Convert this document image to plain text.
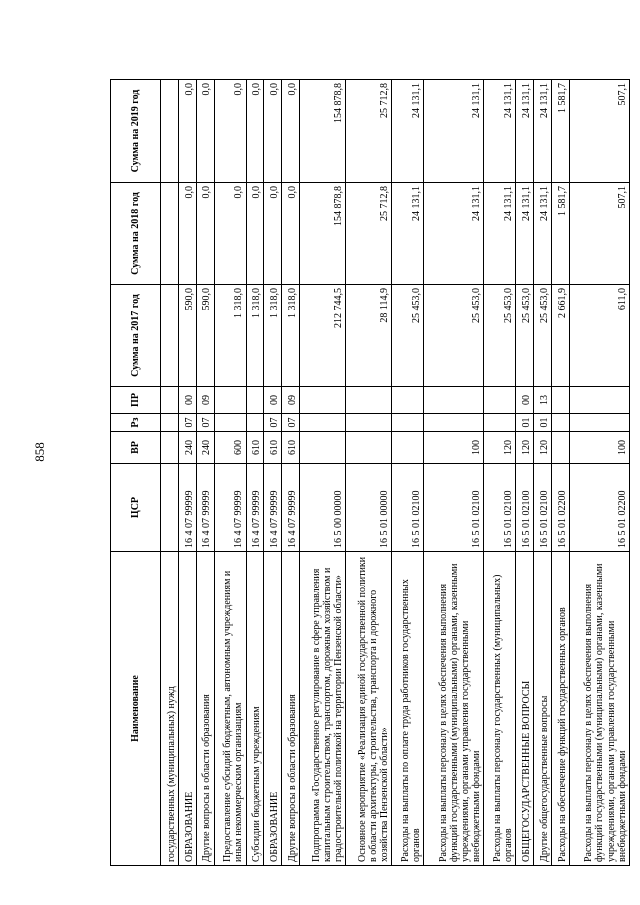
858
Наименование	ЦСР	ВР	Рз	ПР	Сумма на 2017 год	Сумма на 2018 год	Сумма на 2019 год
государственных (муниципальных) нужд							
ОБРАЗОВАНИЕ	16 4 07 99999	240	07	00	590,0	0,0	0,0
Другие вопросы в области образования	16 4 07 99999	240	07	09	590,0	0,0	0,0
Предоставление субсидий бюджетным, автономным учреждениям и иным некоммерческим организациям	16 4 07 99999	600			1 318,0	0,0	0,0
Субсидии бюджетным учреждениям	16 4 07 99999	610			1 318,0	0,0	0,0
ОБРАЗОВАНИЕ	16 4 07 99999	610	07	00	1 318,0	0,0	0,0
Другие вопросы в области образования	16 4 07 99999	610	07	09	1 318,0	0,0	0,0
Подпрограмма «Государственное регулирование в сфере управления капитальным строительством, транспортом, дорожным хозяйством и градостроительной политикой на территории Пензенской области»	16 5 00 00000				212 744,5	154 878,8	154 878,8
Основное мероприятие «Реализация единой государственной политики в области архитектуры, строительства, транспорта и дорожного хозяйства Пензенской области»	16 5 01 00000				28 114,9	25 712,8	25 712,8
Расходы на выплаты по оплате труда работников государственных органов	16 5 01 02100				25 453,0	24 131,1	24 131,1
Расходы на выплаты персоналу в целях обеспечения выполнения функций государственными (муниципальными) органами, казенными учреждениями, органами управления государственными внебюджетными фондами	16 5 01 02100	100			25 453,0	24 131,1	24 131,1
Расходы на выплаты персоналу государственных (муниципальных) органов	16 5 01 02100	120			25 453,0	24 131,1	24 131,1
ОБЩЕГОСУДАРСТВЕННЫЕ ВОПРОСЫ	16 5 01 02100	120	01	00	25 453,0	24 131,1	24 131,1
Другие общегосударственные вопросы	16 5 01 02100	120	01	13	25 453,0	24 131,1	24 131,1
Расходы на обеспечение функций государственных органов	16 5 01 02200				2 661,9	1 581,7	1 581,7
Расходы на выплаты персоналу в целях обеспечения выполнения функций государственными (муниципальными) органами, казенными учреждениями, органами управления государственными внебюджетными фондами	16 5 01 02200	100			611,0	507,1	507,1
